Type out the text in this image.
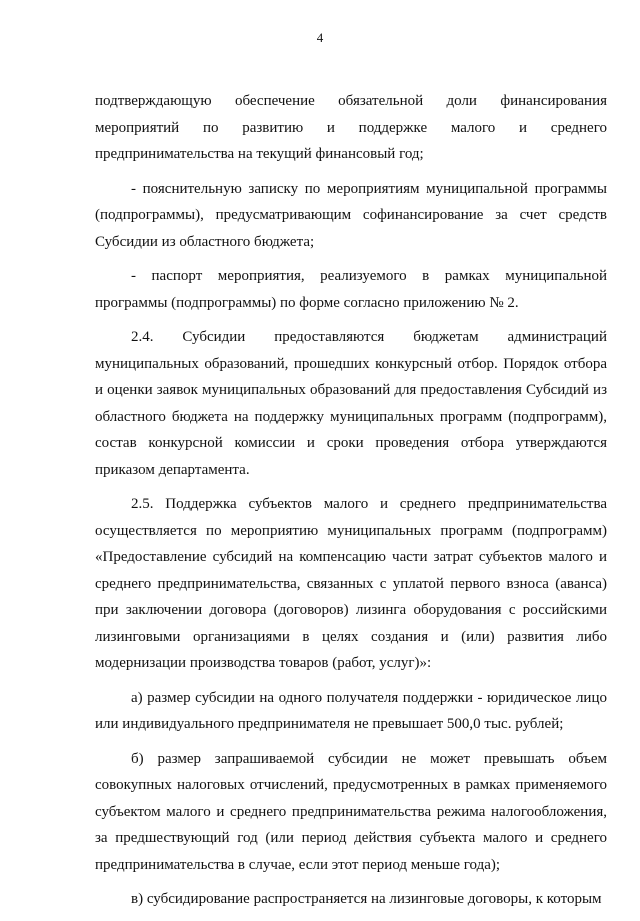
4

подтверждающую обеспечение обязательной доли финансирования мероприятий по развитию и поддержке малого и среднего предпринимательства на текущий финансовый год;

- пояснительную записку по мероприятиям муниципальной программы (подпрограммы), предусматривающим софинансирование за счет средств Субсидии из областного бюджета;

- паспорт мероприятия, реализуемого в рамках муниципальной программы (подпрограммы) по форме согласно приложению № 2.

2.4. Субсидии предоставляются бюджетам администраций муниципальных образований, прошедших конкурсный отбор. Порядок отбора и оценки заявок муниципальных образований для предоставления Субсидий из областного бюджета на поддержку муниципальных программ (подпрограмм), состав конкурсной комиссии и сроки проведения отбора утверждаются приказом департамента.

2.5. Поддержка субъектов малого и среднего предпринимательства осуществляется по мероприятию муниципальных программ (подпрограмм) «Предоставление субсидий на компенсацию части затрат субъектов малого и среднего предпринимательства, связанных с уплатой первого взноса (аванса) при заключении договора (договоров) лизинга оборудования с российскими лизинговыми организациями в целях создания и (или) развития либо модернизации производства товаров (работ, услуг)»:

а) размер субсидии на одного получателя поддержки - юридическое лицо или индивидуального предпринимателя не превышает 500,0 тыс. рублей;

б) размер запрашиваемой субсидии не может превышать объем совокупных налоговых отчислений, предусмотренных в рамках применяемого субъектом малого и среднего предпринимательства режима налогообложения, за предшествующий год (или период действия субъекта малого и среднего предпринимательства в случае, если этот период меньше года);

в) субсидирование распространяется на лизинговые договоры, к которым
